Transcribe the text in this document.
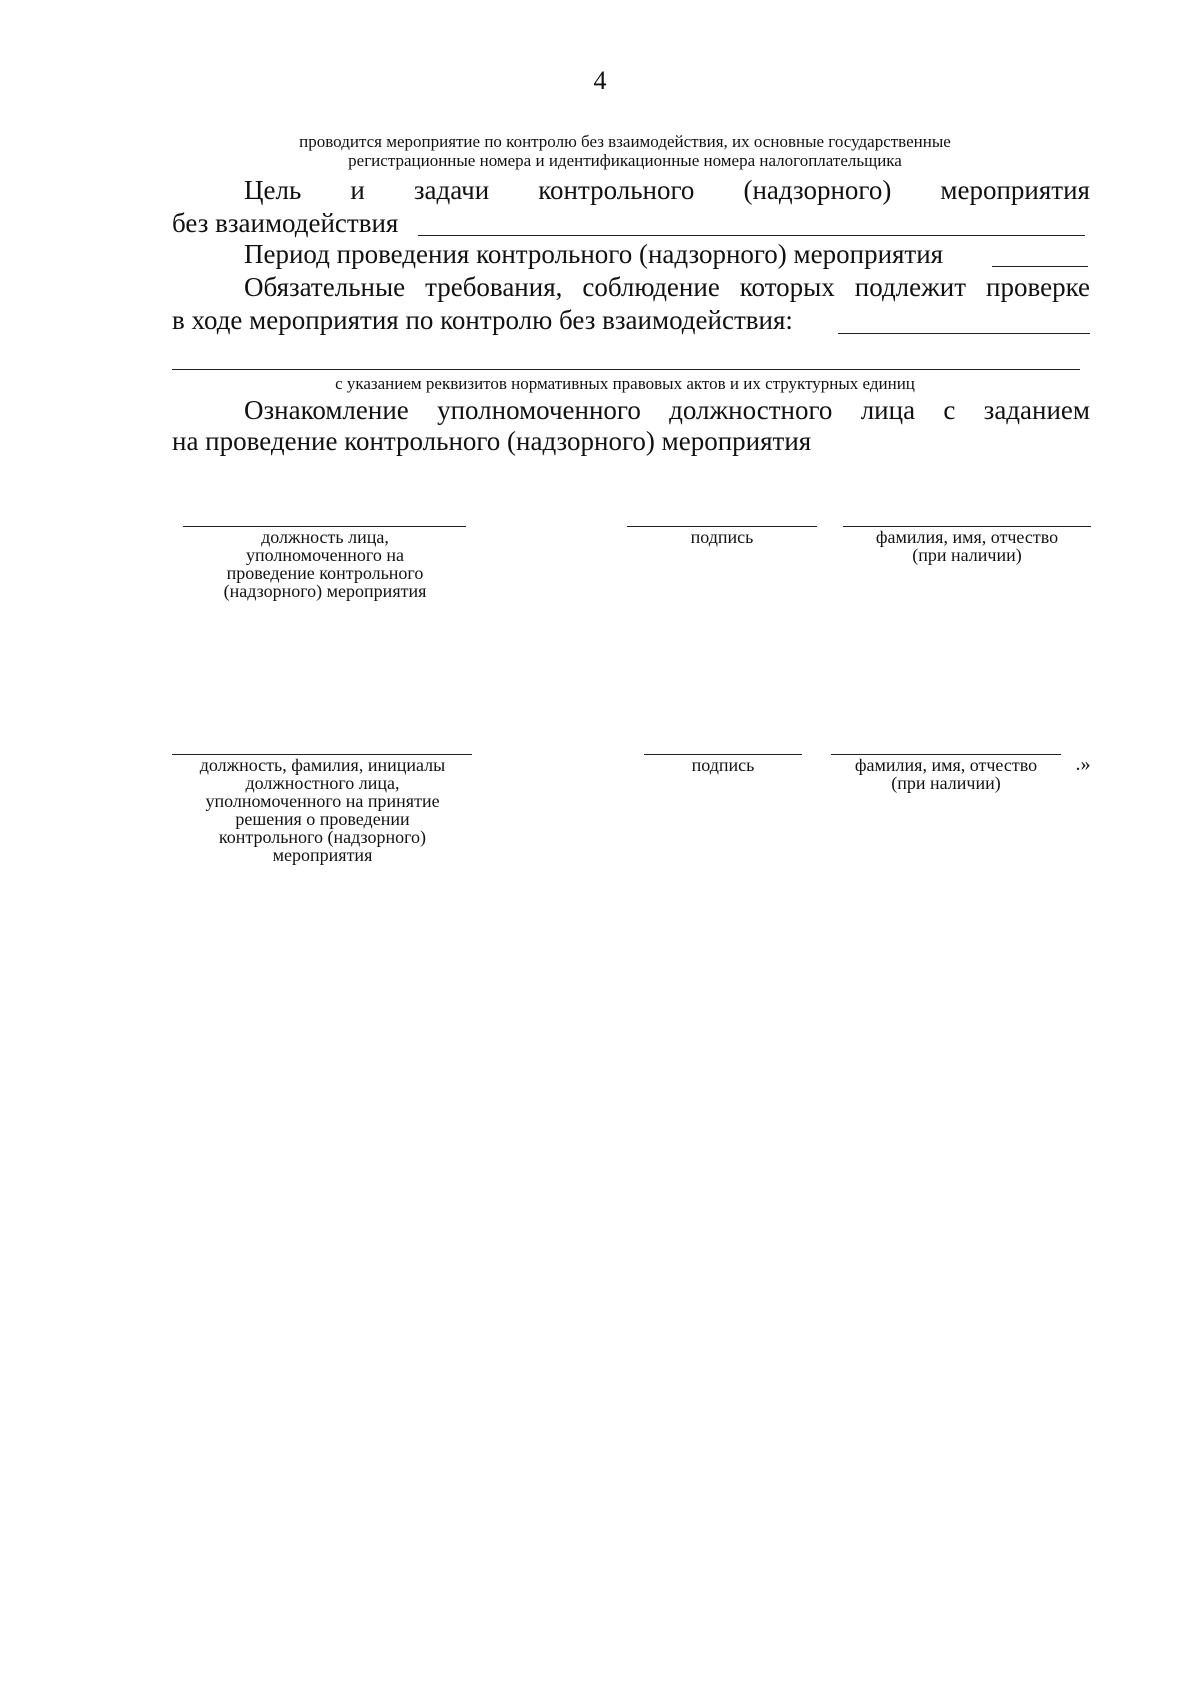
4
проводится мероприятие по контролю без взаимодействия, их основные государственные
регистрационные номера и идентификационные номера налогоплательщика
Цель и задачи контрольного (надзорного) мероприятия
без взаимодействия
Период проведения контрольного (надзорного) мероприятия
Обязательные требования, соблюдение которых подлежит проверке
в ходе мероприятия по контролю без взаимодействия:
с указанием реквизитов нормативных правовых актов и их структурных единиц
Ознакомление уполномоченного должностного лица с заданием
на проведение контрольного (надзорного) мероприятия
должность лица,
уполномоченного на
проведение контрольного
(надзорного) мероприятия
подпись	фамилия, имя, отчество
(при наличии)
должность, фамилия, инициалы
должностного лица,
уполномоченного на принятие
решения о проведении
контрольного (надзорного)
мероприятия
подпись	фамилия, имя, отчество
(при наличии)
.»
